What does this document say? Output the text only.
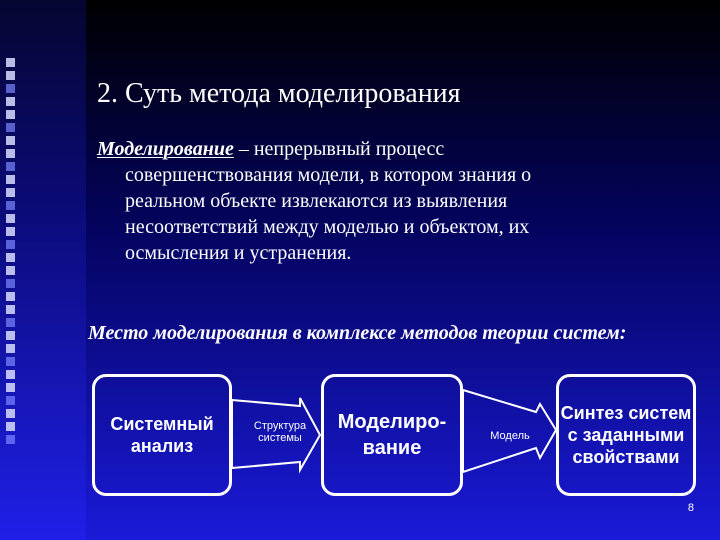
2. Суть метода моделирования
Моделирование – непрерывный процесс
совершенствования модели, в котором знания о
реальном объекте извлекаются из выявления
несоответствий между моделью и объектом, их
осмысления и устранения.
Место моделирования в комплексе методов теории систем:
Системный
анализ
Моделиро-
вание
Синтез систем
с заданными
свойствами
Структура
системы	Модель
8
